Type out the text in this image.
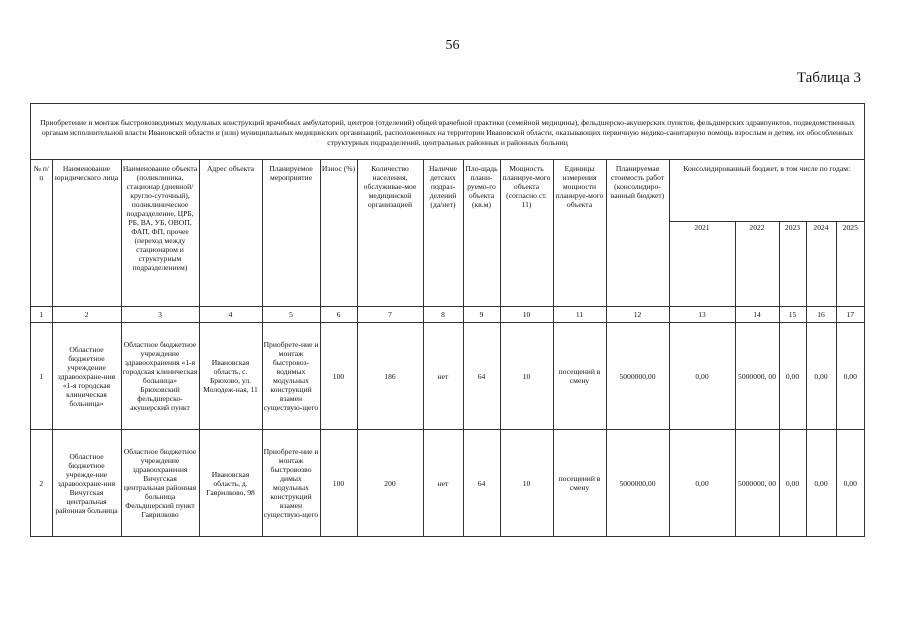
56
Таблица 3
Приобретение и монтаж быстровозводимых модульных конструкций врачебных амбулаторий, центров (отделений) общей врачебной практики (семейной медицины), фельдшерско-акушерских пунктов, фельдшерских здравпунктов, подведомственных органам исполнительной власти Ивановской области и (или) муниципальных медицинских организаций, расположенных на территории Ивановской области, оказывающих первичную медико-санитарную помощь взрослым и детям, их обособленных структурных подразделений, центральных районных и районных больниц
№ п/п	Наименование юридического лица	Наименование объекта (поликлиника, стационар (дневной/кругло-суточный), поликлиническое подразделение, ЦРБ, РБ, ВА, УБ, ОВОП, ФАП, ФП, прочее (переход между стационаром и структурным подразделением)	Адрес объекта	Планируемое мероприятие	Износ (%)	Количество населения, обслуживае-мое медицинской организацией	Наличие детских подраз-делений (да/нет)	Пло-щадь плани-руемо-го объекта (кв.м)	Мощность планируе-мого объекта (согласно ст. 11)	Единицы измерения мощности планируе-мого объекта	Планируемая стоимость работ (консолидиро-ванный бюджет)	Консолидированный бюджет, в том числе по годам:				
												2021	2022	2023	2024	2025
1	2	3	4	5	6	7	8	9	10	11	12	13	14	15	16	17
1	Областное бюджетное учреждение здравоохране-ния «1-я городская клиническая больница»	Областное бюджетное учреждение здравоохранения «1-я городская клиническая больница» Брюховский фельдшерско-акушерский пункт	Ивановская область, с. Брюхово, ул. Молодеж-ная, 11	Приобрете-ние и монтаж быстровоз-водимых модульных конструкций взамен существую-щего	100	186	нет	64	10	посещений в смену	5000000,00	0,00	5000000, 00	0,00	0,00	0,00
2	Областное бюджетное учрежде-ние здравоохране-ния Вичугская центральная районная больница	Областное бюджетное учреждение здравоохранения Вичугская центральная районная больница Фельдшерский пункт Гаврилково	Ивановская область, д. Гаврилково, 98	Приобрете-ние и монтаж быстровозво димых модульных конструкций взамен существую-щего	100	200	нет	64	10	посещений в смену	5000000,00	0,00	5000000, 00	0,00	0,00	0,00
